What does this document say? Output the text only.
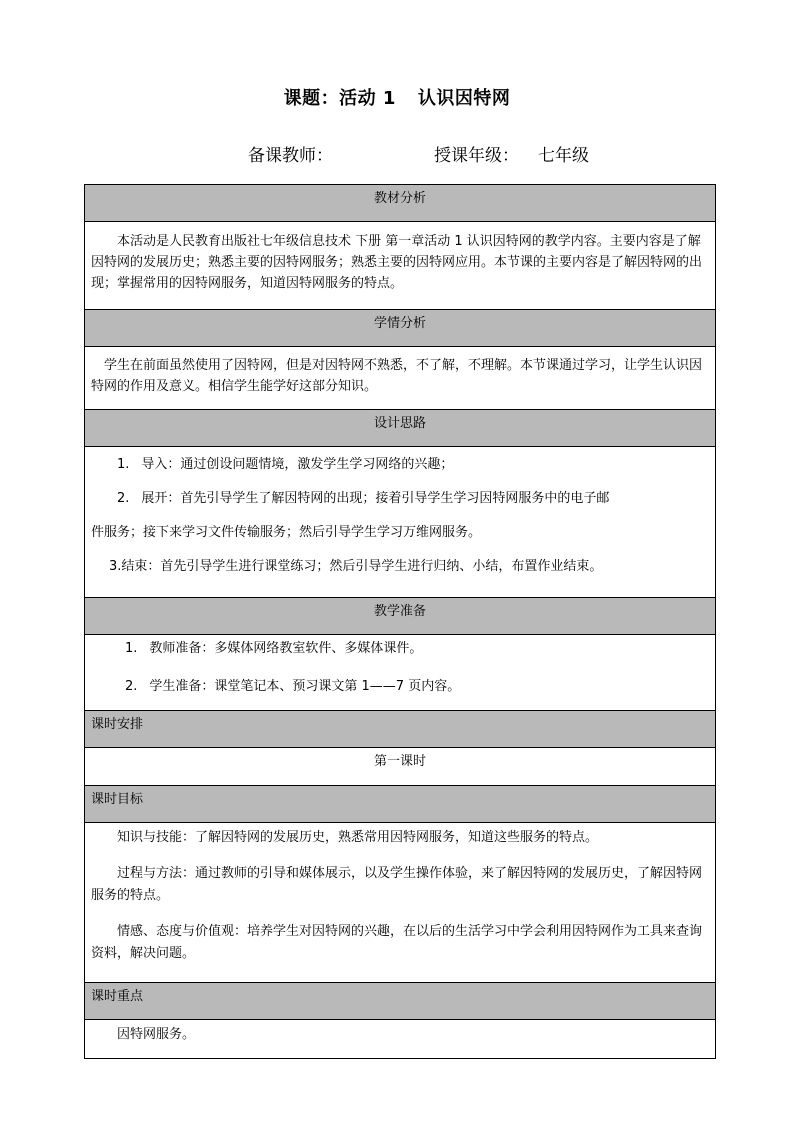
课题：活动 1 认识因特网
备课教师：	授课年级： 七年级
教材分析
本活动是人民教育出版社七年级信息技术 下册 第一章活动 1 认识因特网的教学内容。主要内容是了解因特网的发展历史；熟悉主要的因特网服务；熟悉主要的因特网应用。本节课的主要内容是了解因特网的出现；掌握常用的因特网服务，知道因特网服务的特点。
学情分析
学生在前面虽然使用了因特网，但是对因特网不熟悉，不了解，不理解。本节课通过学习，让学生认识因特网的作用及意义。相信学生能学好这部分知识。
设计思路
1. 导入：通过创设问题情境，激发学生学习网络的兴趣；
2. 展开：首先引导学生了解因特网的出现；接着引导学生学习因特网服务中的电子邮
件服务；接下来学习文件传输服务；然后引导学生学习万维网服务。
3.结束：首先引导学生进行课堂练习；然后引导学生进行归纳、小结，布置作业结束。
教学准备
1. 教师准备：多媒体网络教室软件、多媒体课件。
2. 学生准备：课堂笔记本、预习课文第 1——7 页内容。
课时安排
第一课时
课时目标
知识与技能：了解因特网的发展历史，熟悉常用因特网服务，知道这些服务的特点。
过程与方法：通过教师的引导和媒体展示，以及学生操作体验，来了解因特网的发展历史，了解因特网服务的特点。
情感、态度与价值观：培养学生对因特网的兴趣，在以后的生活学习中学会利用因特网作为工具来查询资料，解决问题。
课时重点
因特网服务。
